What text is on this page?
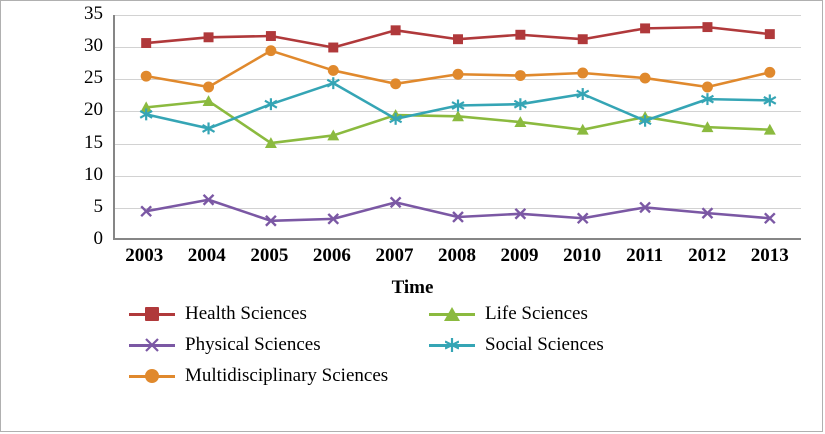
0
5
10
15
20
25
30
35
2003	2004	2005	2006	2007	2008	2009	2010	2011	2012	2013
Time
Health Sciences	Life Sciences
Physical Sciences	Social Sciences
Multidisciplinary Sciences
